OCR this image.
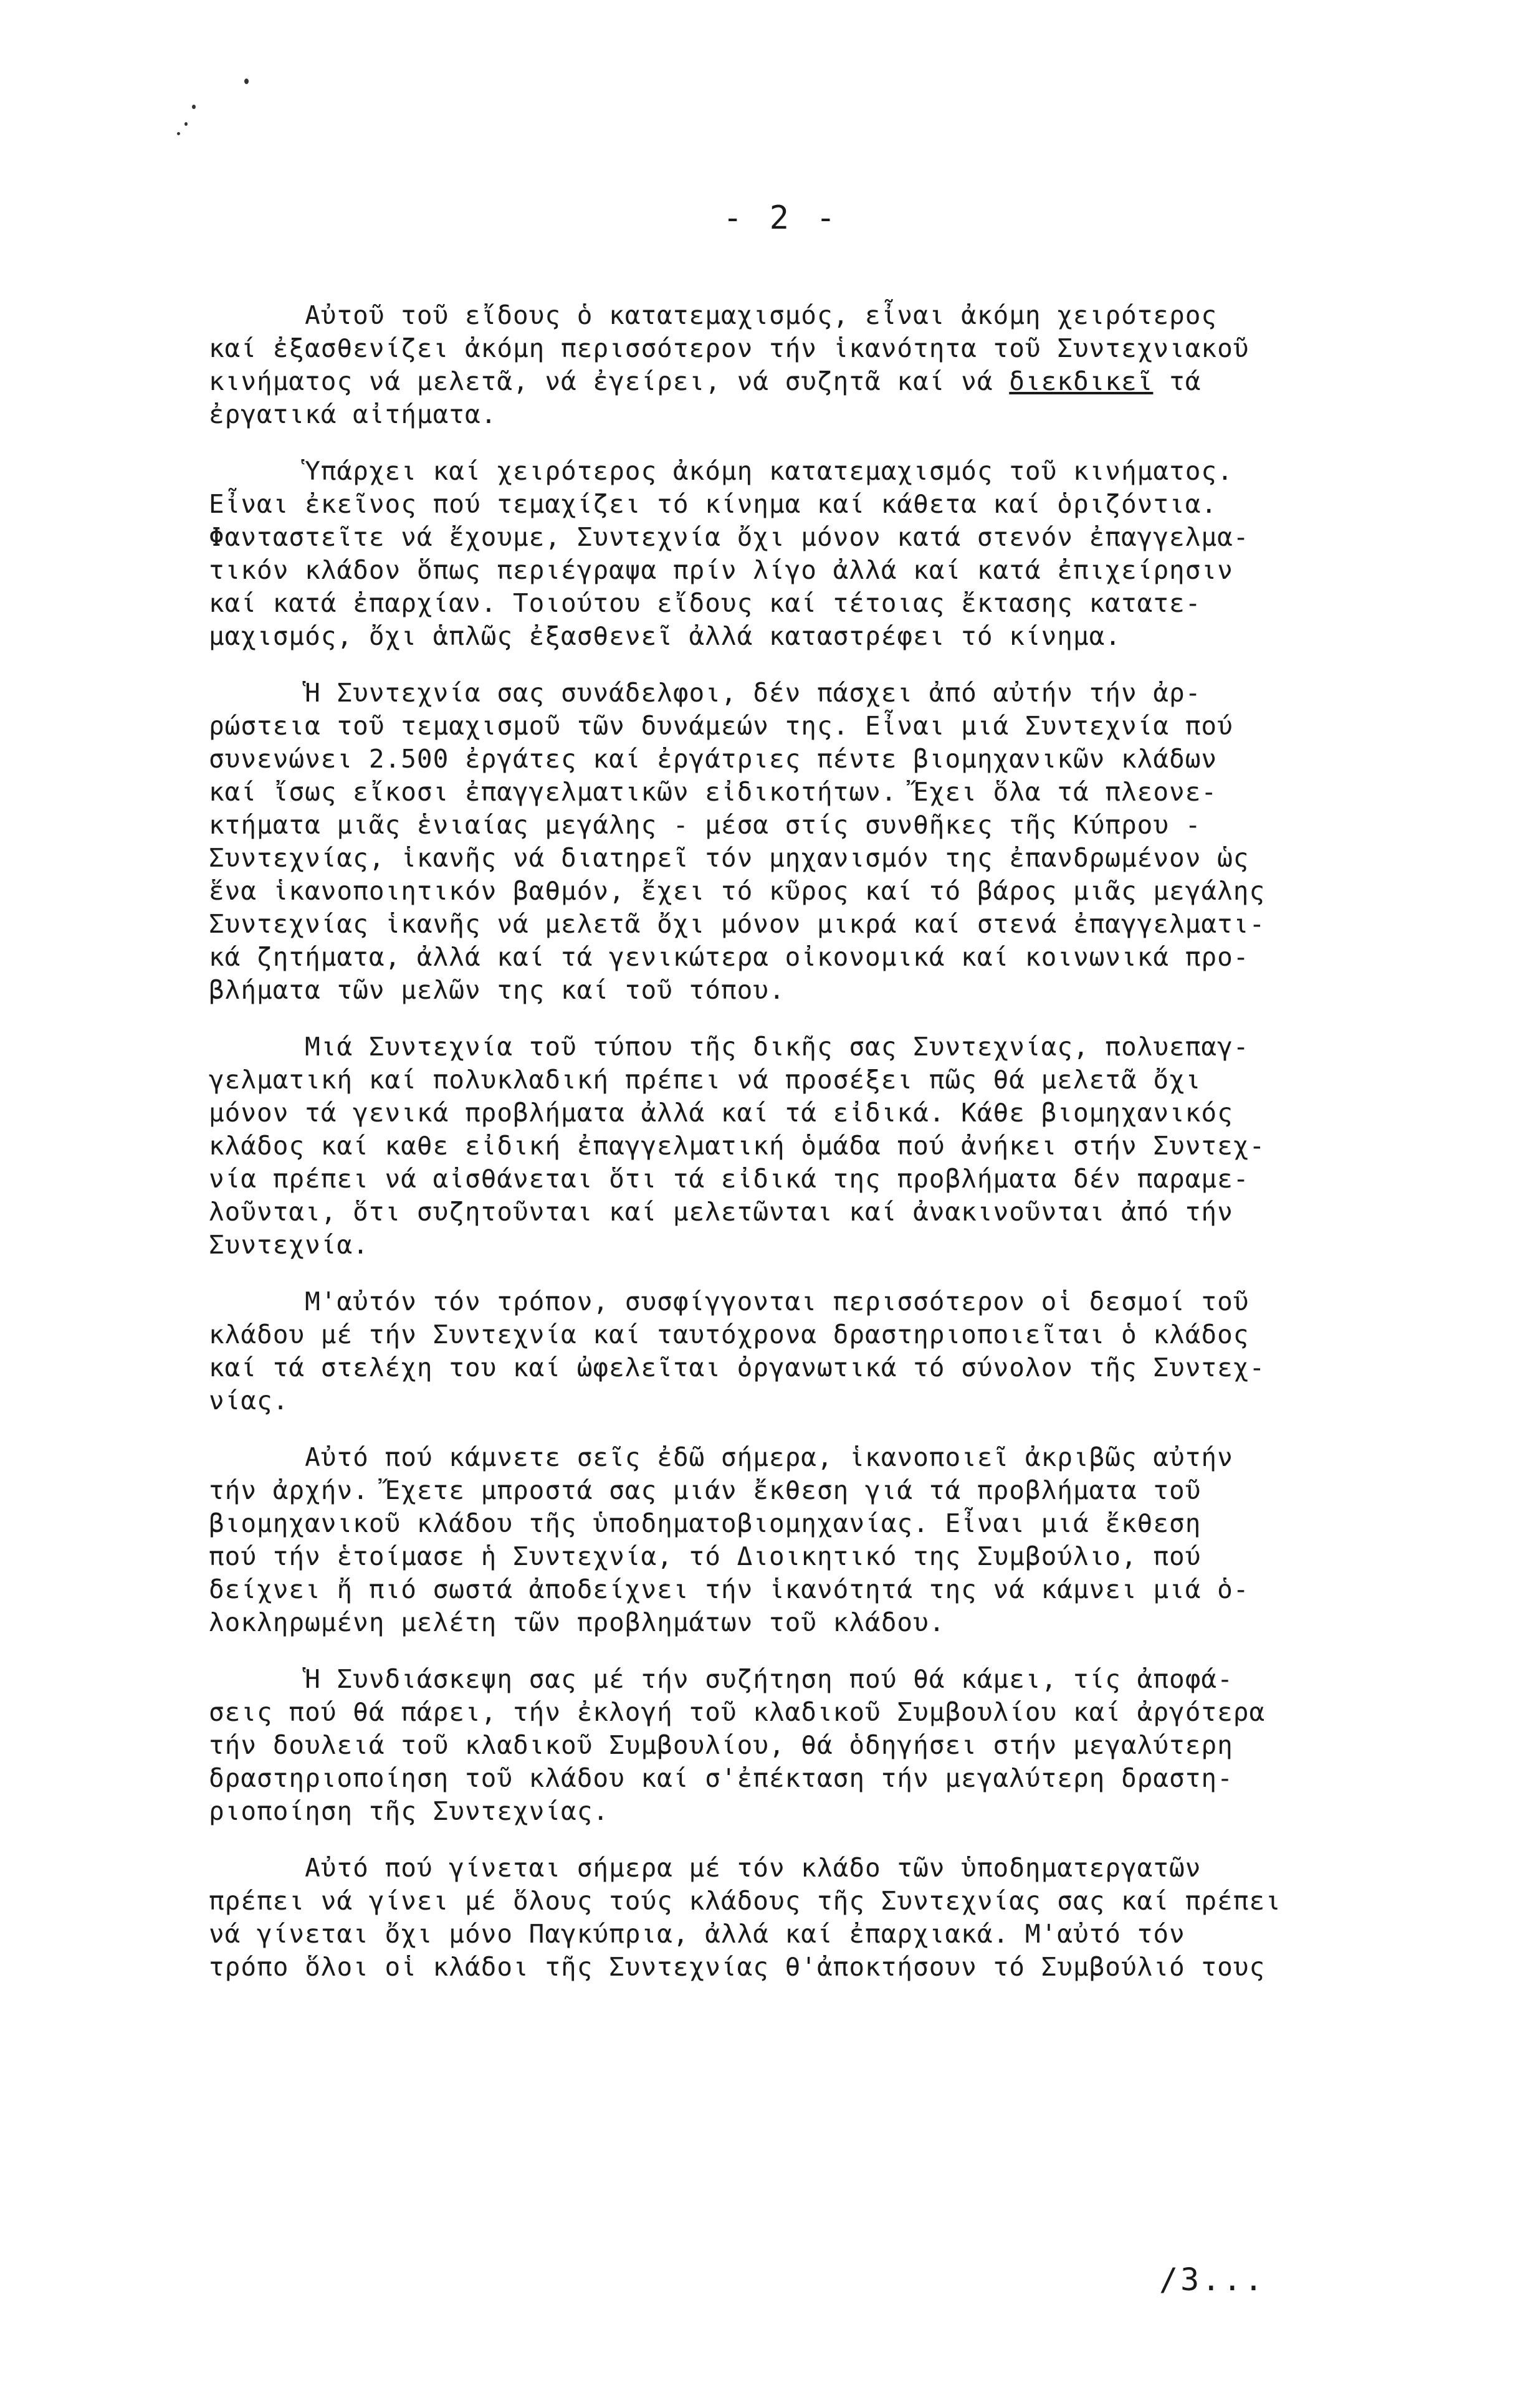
- 2 -
Αὐτοῦ τοῦ εἴδους ὁ κατατεμαχισμός, εἶναι ἀκόμη χειρότερος
καί ἐξασθενίζει ἀκόμη περισσότερον τήν ἱκανότητα τοῦ Συντεχνιακοῦ
κινήματος νά μελετᾶ, νά ἐγείρει, νά συζητᾶ καί νά διεκδικεῖ τά
ἐργατικά αἰτήματα.
Ὑπάρχει καί χειρότερος ἀκόμη κατατεμαχισμός τοῦ κινήματος.
Εἶναι ἐκεῖνος πού τεμαχίζει τό κίνημα καί κάθετα καί ὁριζόντια.
Φανταστεῖτε νά ἔχουμε, Συντεχνία ὄχι μόνον κατά στενόν ἐπαγγελμα-
τικόν κλάδον ὅπως περιέγραψα πρίν λίγο ἀλλά καί κατά ἐπιχείρησιν
καί κατά ἐπαρχίαν. Τοιούτου εἴδους καί τέτοιας ἔκτασης κατατε-
μαχισμός, ὄχι ἁπλῶς ἐξασθενεῖ ἀλλά καταστρέφει τό κίνημα.
Ἡ Συντεχνία σας συνάδελφοι, δέν πάσχει ἀπό αὐτήν τήν ἀρ-
ρώστεια τοῦ τεμαχισμοῦ τῶν δυνάμεών της. Εἶναι μιά Συντεχνία πού
συνενώνει 2.500 ἐργάτες καί ἐργάτριες πέντε βιομηχανικῶν κλάδων
καί ἴσως εἴκοσι ἐπαγγελματικῶν εἰδικοτήτων. Ἔχει ὅλα τά πλεονε-
κτήματα μιᾶς ἑνιαίας μεγάλης - μέσα στίς συνθῆκες τῆς Κύπρου -
Συντεχνίας, ἱκανῆς νά διατηρεῖ τόν μηχανισμόν της ἐπανδρωμένον ὡς
ἕνα ἱκανοποιητικόν βαθμόν, ἔχει τό κῦρος καί τό βάρος μιᾶς μεγάλης
Συντεχνίας ἱκανῆς νά μελετᾶ ὄχι μόνον μικρά καί στενά ἐπαγγελματι-
κά ζητήματα, ἀλλά καί τά γενικώτερα οἰκονομικά καί κοινωνικά προ-
βλήματα τῶν μελῶν της καί τοῦ τόπου.
Μιά Συντεχνία τοῦ τύπου τῆς δικῆς σας Συντεχνίας, πολυεπαγ-
γελματική καί πολυκλαδική πρέπει νά προσέξει πῶς θά μελετᾶ ὄχι
μόνον τά γενικά προβλήματα ἀλλά καί τά εἰδικά. Κάθε βιομηχανικός
κλάδος καί καθε εἰδική ἐπαγγελματική ὁμάδα πού ἀνήκει στήν Συντεχ-
νία πρέπει νά αἰσθάνεται ὅτι τά εἰδικά της προβλήματα δέν παραμε-
λοῦνται, ὅτι συζητοῦνται καί μελετῶνται καί ἀνακινοῦνται ἀπό τήν
Συντεχνία.
Μ'αὐτόν τόν τρόπον, συσφίγγονται περισσότερον οἱ δεσμοί τοῦ
κλάδου μέ τήν Συντεχνία καί ταυτόχρονα δραστηριοποιεῖται ὁ κλάδος
καί τά στελέχη του καί ὠφελεῖται ὀργανωτικά τό σύνολον τῆς Συντεχ-
νίας.
Αὐτό πού κάμνετε σεῖς ἐδῶ σήμερα, ἱκανοποιεῖ ἀκριβῶς αὐτήν
τήν ἀρχήν. Ἔχετε μπροστά σας μιάν ἔκθεση γιά τά προβλήματα τοῦ
βιομηχανικοῦ κλάδου τῆς ὑποδηματοβιομηχανίας. Εἶναι μιά ἔκθεση
πού τήν ἑτοίμασε ἡ Συντεχνία, τό Διοικητικό της Συμβούλιο, πού
δείχνει ἤ πιό σωστά ἀποδείχνει τήν ἱκανότητά της νά κάμνει μιά ὁ-
λοκληρωμένη μελέτη τῶν προβλημάτων τοῦ κλάδου.
Ἡ Συνδιάσκεψη σας μέ τήν συζήτηση πού θά κάμει, τίς ἀποφά-
σεις πού θά πάρει, τήν ἐκλογή τοῦ κλαδικοῦ Συμβουλίου καί ἀργότερα
τήν δουλειά τοῦ κλαδικοῦ Συμβουλίου, θά ὁδηγήσει στήν μεγαλύτερη
δραστηριοποίηση τοῦ κλάδου καί σ'ἐπέκταση τήν μεγαλύτερη δραστη-
ριοποίηση τῆς Συντεχνίας.
Αὐτό πού γίνεται σήμερα μέ τόν κλάδο τῶν ὑποδηματεργατῶν
πρέπει νά γίνει μέ ὅλους τούς κλάδους τῆς Συντεχνίας σας καί πρέπει
νά γίνεται ὄχι μόνο Παγκύπρια, ἀλλά καί ἐπαρχιακά. Μ'αὐτό τόν
τρόπο ὅλοι οἱ κλάδοι τῆς Συντεχνίας θ'ἀποκτήσουν τό Συμβούλιό τους
/3...
